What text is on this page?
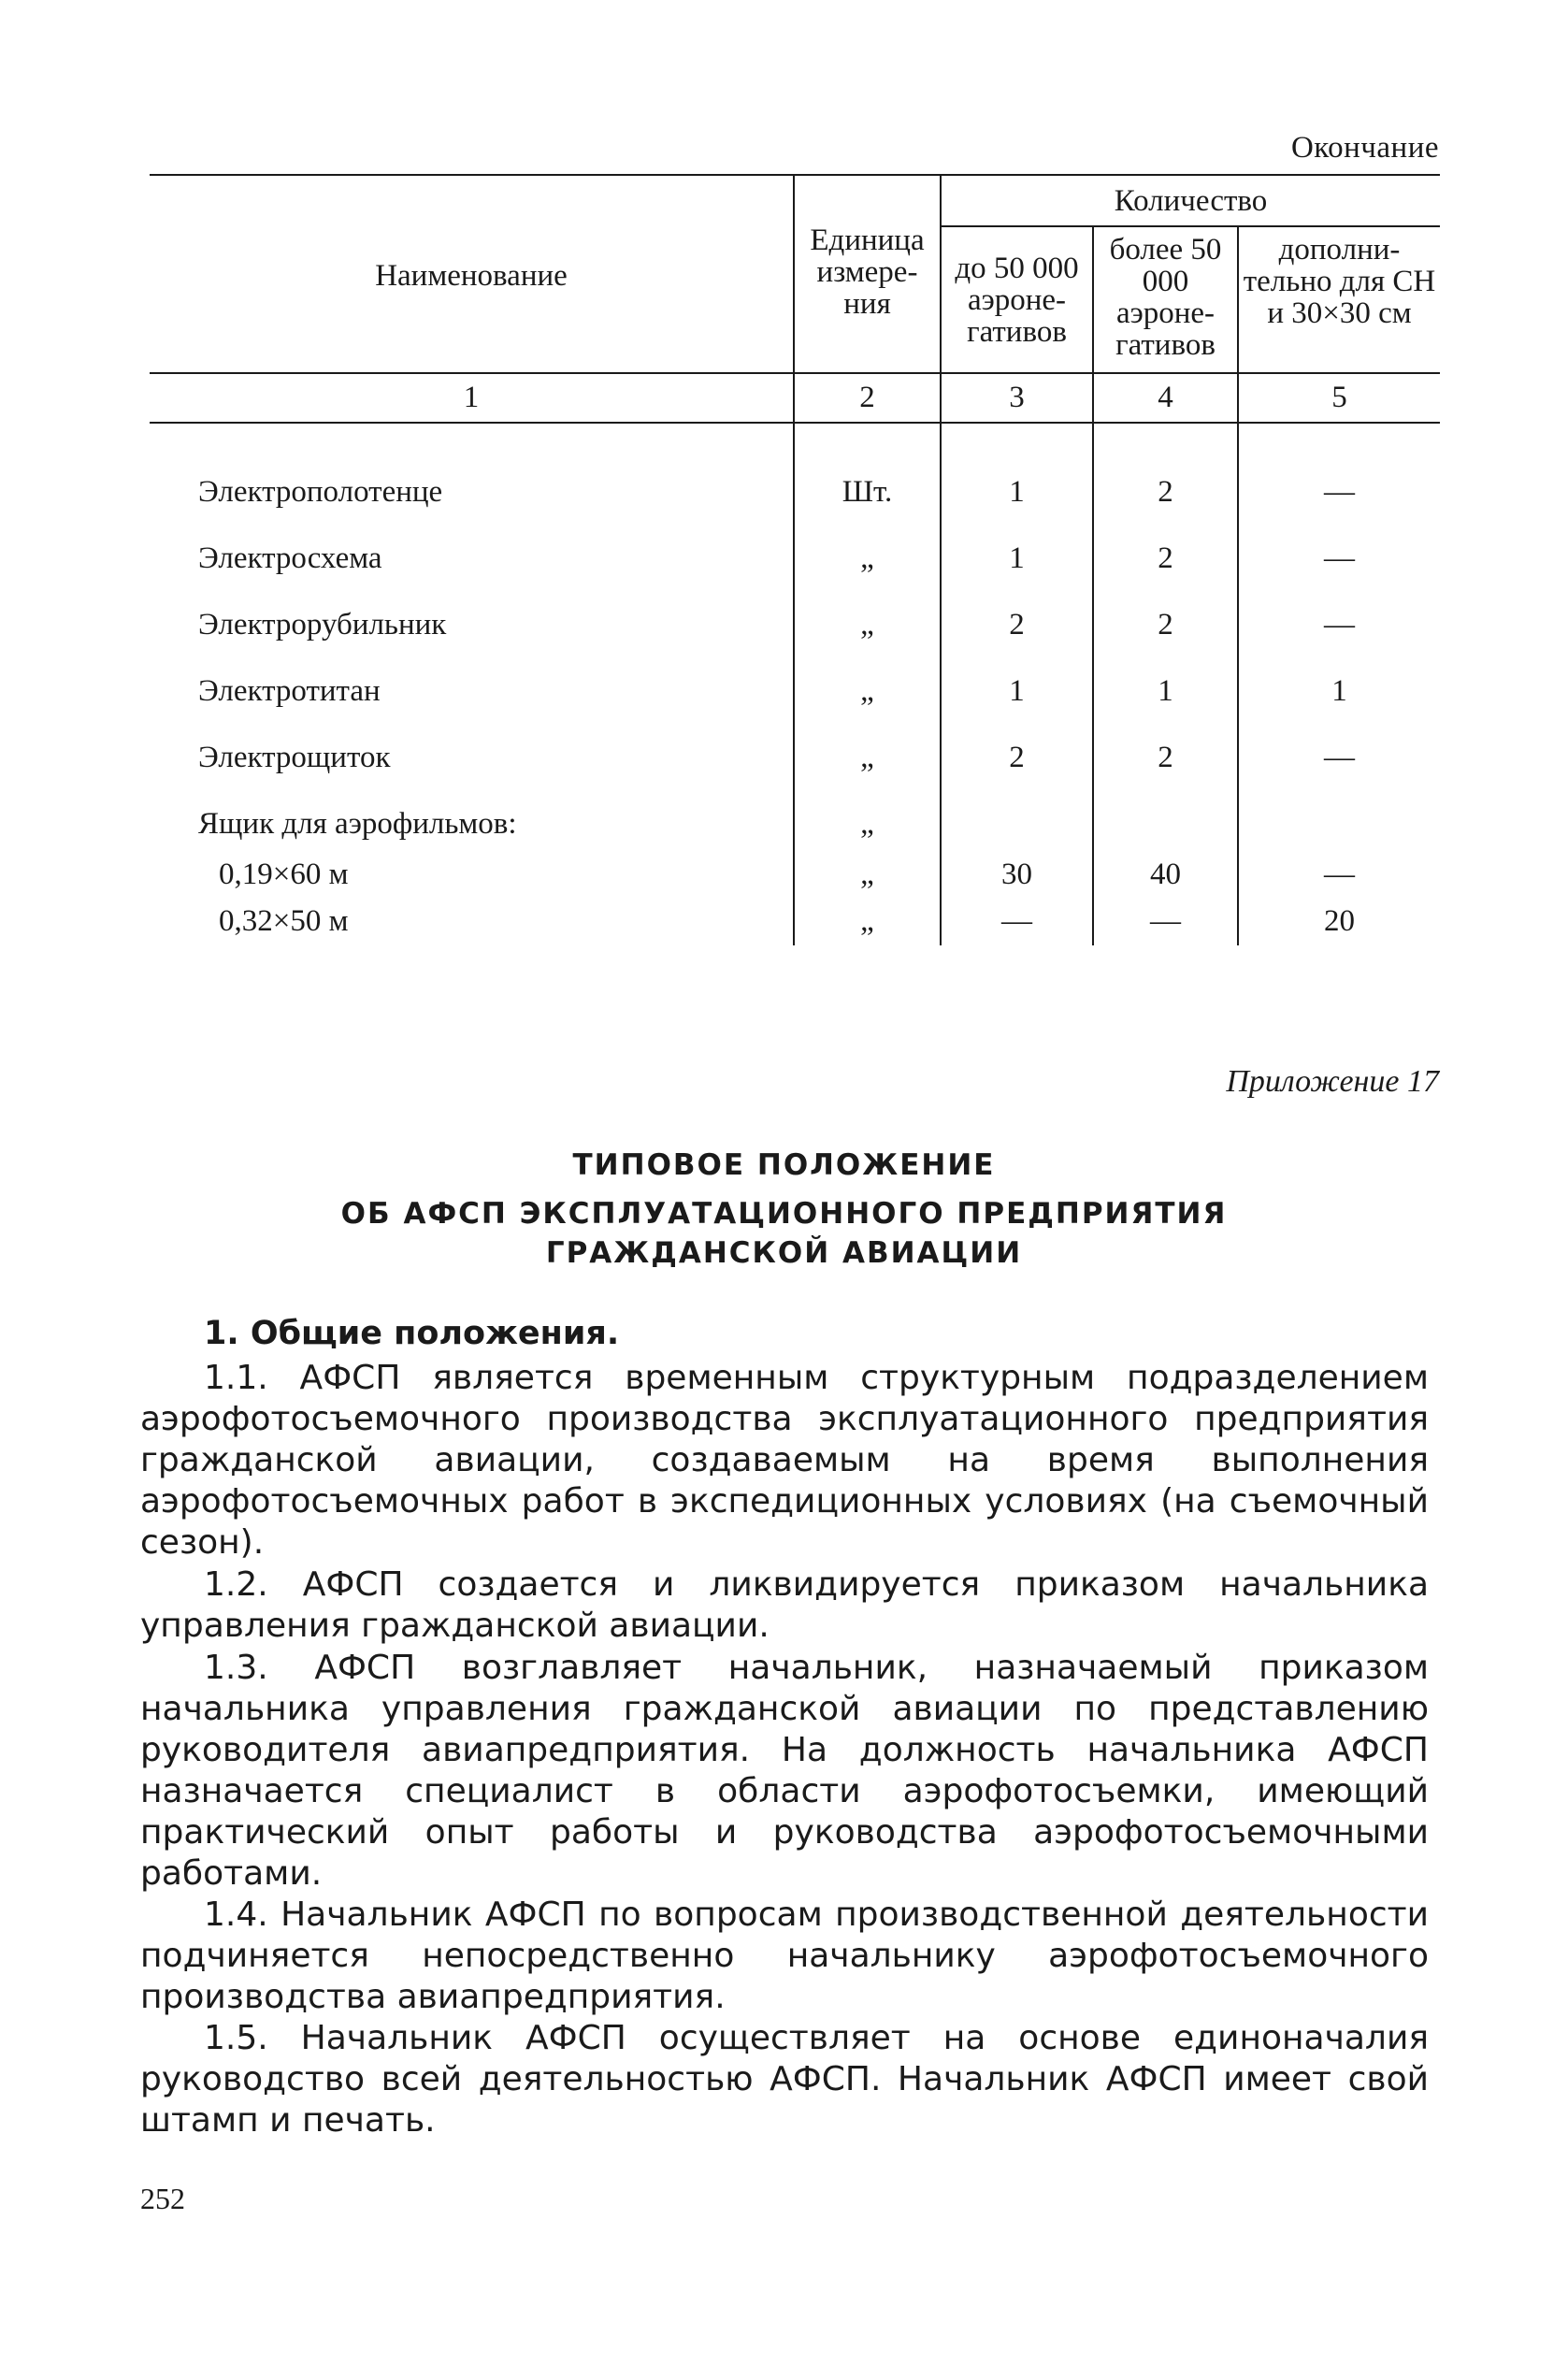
Окончание
Наименование
Единица измере- ния
Количество
до 50 000 аэроне- гативов
более 50 000 аэроне- гативов
дополни- тельно для СН и 30×30 см
1	2	3	4	5
Электрополотенце	Шт.	1	2	—
Электросхема	„	1	2	—
Электрорубильник	„	2	2	—
Электротитан	„	1	1	1
Электрощиток	„	2	2	—
Ящик для аэрофильмов:	„
0,19×60 м	„	30	40	—
0,32×50 м	„	—	—	20
Приложение 17
ТИПОВОЕ ПОЛОЖЕНИЕ
ОБ АФСП ЭКСПЛУАТАЦИОННОГО ПРЕДПРИЯТИЯ
ГРАЖДАНСКОЙ АВИАЦИИ
1. Общие положения.
1.1. АФСП является временным структурным подразделением аэрофотосъемочного производства эксплуатационного предприятия гражданской авиации, создаваемым на время выполнения аэрофотосъемочных работ в экспедиционных условиях (на съемочный сезон).
1.2. АФСП создается и ликвидируется приказом начальника управления гражданской авиации.
1.3. АФСП возглавляет начальник, назначаемый приказом начальника управления гражданской авиации по представлению руководителя авиапредприятия. На должность начальника АФСП назначается специалист в области аэрофотосъемки, имеющий практический опыт работы и руководства аэрофотосъемочными работами.
1.4. Начальник АФСП по вопросам производственной деятельности подчиняется непосредственно начальнику аэрофотосъемочного производства авиапредприятия.
1.5. Начальник АФСП осуществляет на основе единоначалия руководство всей деятельностью АФСП. Начальник АФСП имеет свой штамп и печать.
252
